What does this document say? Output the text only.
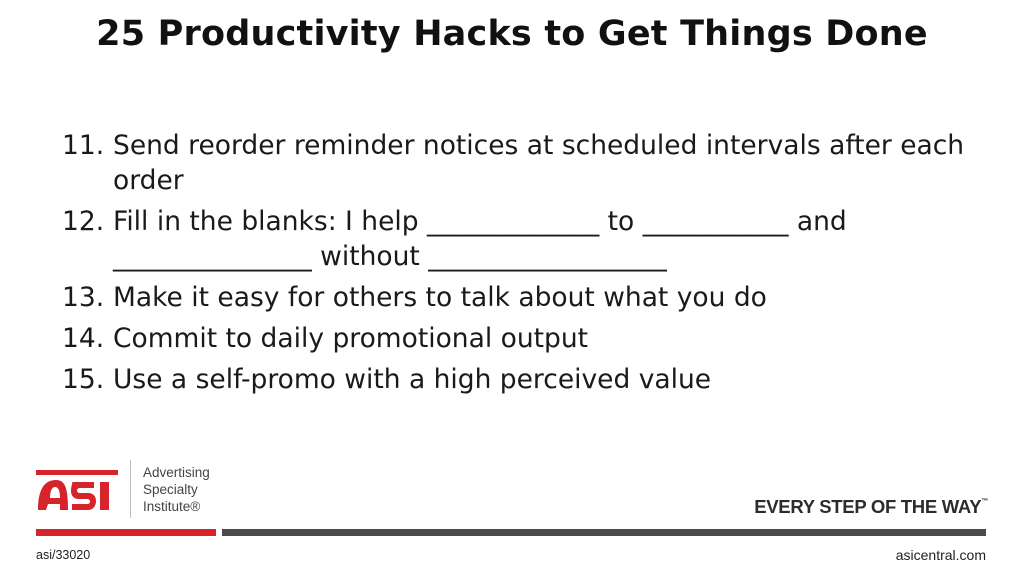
25 Productivity Hacks to Get Things Done
11. Send reorder reminder notices at scheduled intervals after each order
12. Fill in the blanks: I help _____________ to ___________ and _______________ without __________________
13. Make it easy for others to talk about what you do
14. Commit to daily promotional output
15. Use a self-promo with a high perceived value
Advertising
Specialty
Institute®	EVERY STEP OF THE WAY™
asi/33020	asicentral.com
